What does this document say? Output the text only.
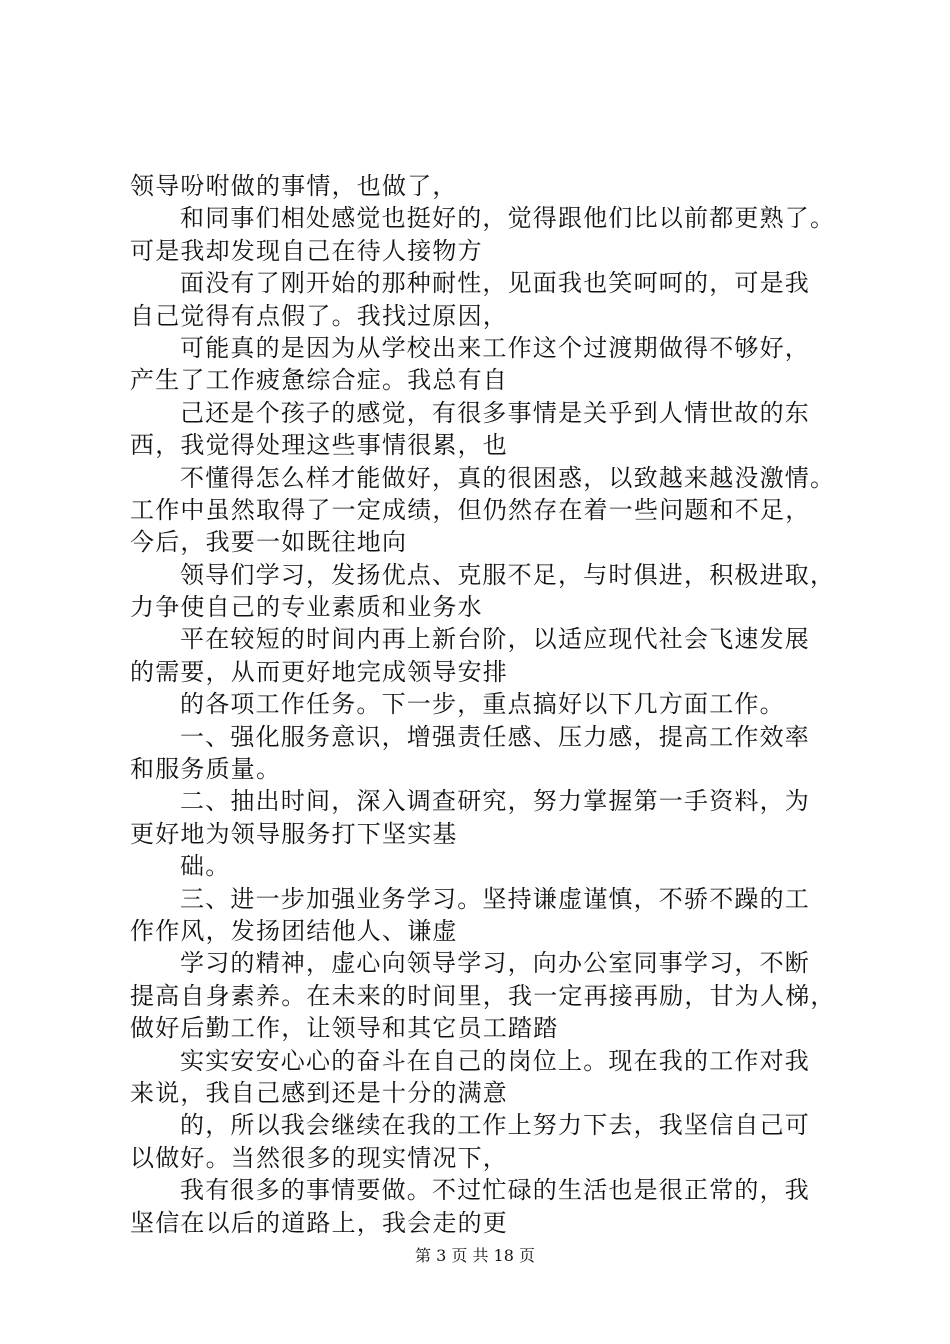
领导吩咐做的事情，也做了，
和同事们相处感觉也挺好的，觉得跟他们比以前都更熟了。
可是我却发现自己在待人接物方
面没有了刚开始的那种耐性，见面我也笑呵呵的，可是我
自己觉得有点假了。我找过原因，
可能真的是因为从学校出来工作这个过渡期做得不够好，
产生了工作疲惫综合症。我总有自
己还是个孩子的感觉，有很多事情是关乎到人情世故的东
西，我觉得处理这些事情很累，也
不懂得怎么样才能做好，真的很困惑，以致越来越没激情。
工作中虽然取得了一定成绩，但仍然存在着一些问题和不足，
今后，我要一如既往地向
领导们学习，发扬优点、克服不足，与时俱进，积极进取，
力争使自己的专业素质和业务水
平在较短的时间内再上新台阶，以适应现代社会飞速发展
的需要，从而更好地完成领导安排
的各项工作任务。下一步，重点搞好以下几方面工作。
一、强化服务意识，增强责任感、压力感，提高工作效率
和服务质量。
二、抽出时间，深入调查研究，努力掌握第一手资料，为
更好地为领导服务打下坚实基
础。
三、进一步加强业务学习。坚持谦虚谨慎，不骄不躁的工
作作风，发扬团结他人、谦虚
学习的精神，虚心向领导学习，向办公室同事学习，不断
提高自身素养。在未来的时间里，我一定再接再励，甘为人梯，
做好后勤工作，让领导和其它员工踏踏
实实安安心心的奋斗在自己的岗位上。现在我的工作对我
来说，我自己感到还是十分的满意
的，所以我会继续在我的工作上努力下去，我坚信自己可
以做好。当然很多的现实情况下，
我有很多的事情要做。不过忙碌的生活也是很正常的，我
坚信在以后的道路上，我会走的更
第 3 页 共 18 页
